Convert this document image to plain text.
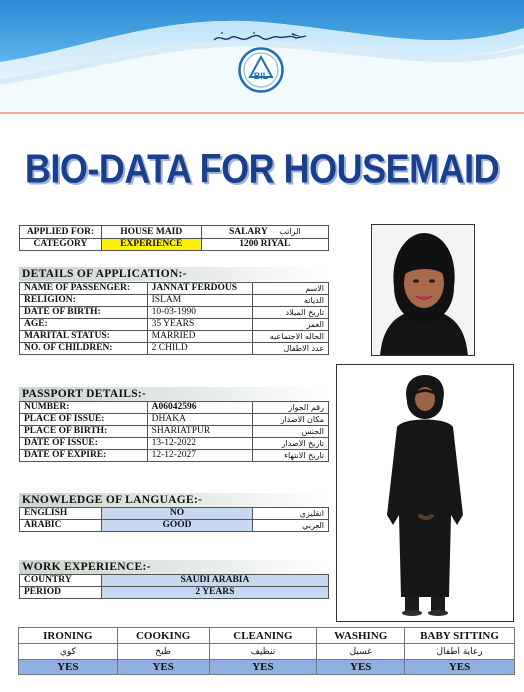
BIL
BIO-DATA FOR HOUSEMAID
APPLIED FOR:	HOUSE MAID	SALARY الراتب
CATEGORY	EXPERIENCE	1200 RIYAL
DETAILS OF APPLICATION:-
NAME OF PASSENGER:	JANNAT FERDOUS	الاسم
RELIGION:	ISLAM	الديانه
DATE OF BIRTH:	10-03-1990	تاريخ الميلاد
AGE:	35 YEARS	العمر
MARITAL STATUS:	MARRIED	الحاله الاجتماعيه
NO. OF CHILDREN:	2 CHILD	عدد الاطفال
PASSPORT DETAILS:-
NUMBER:	A06042596	رقم الجواز
PLACE OF ISSUE:	DHAKA	مكان الاصدار
PLACE OF BIRTH:	SHARIATPUR	الجنس
DATE OF ISSUE:	13-12-2022	تاريخ الاصدار
DATE OF EXPIRE:	12-12-2027	تاريخ الانتهاء
KNOWLEDGE OF LANGUAGE:-
ENGLISH	NO	انقليزي
ARABIC	GOOD	العربي
WORK EXPERIENCE:-
COUNTRY	SAUDI ARABIA
PERIOD	2 YEARS
IRONING	COOKING	CLEANING	WASHING	BABY SITTING
كوي	طبخ	تنظيف	غسيل	رعاية اطفال
YES	YES	YES	YES	YES
